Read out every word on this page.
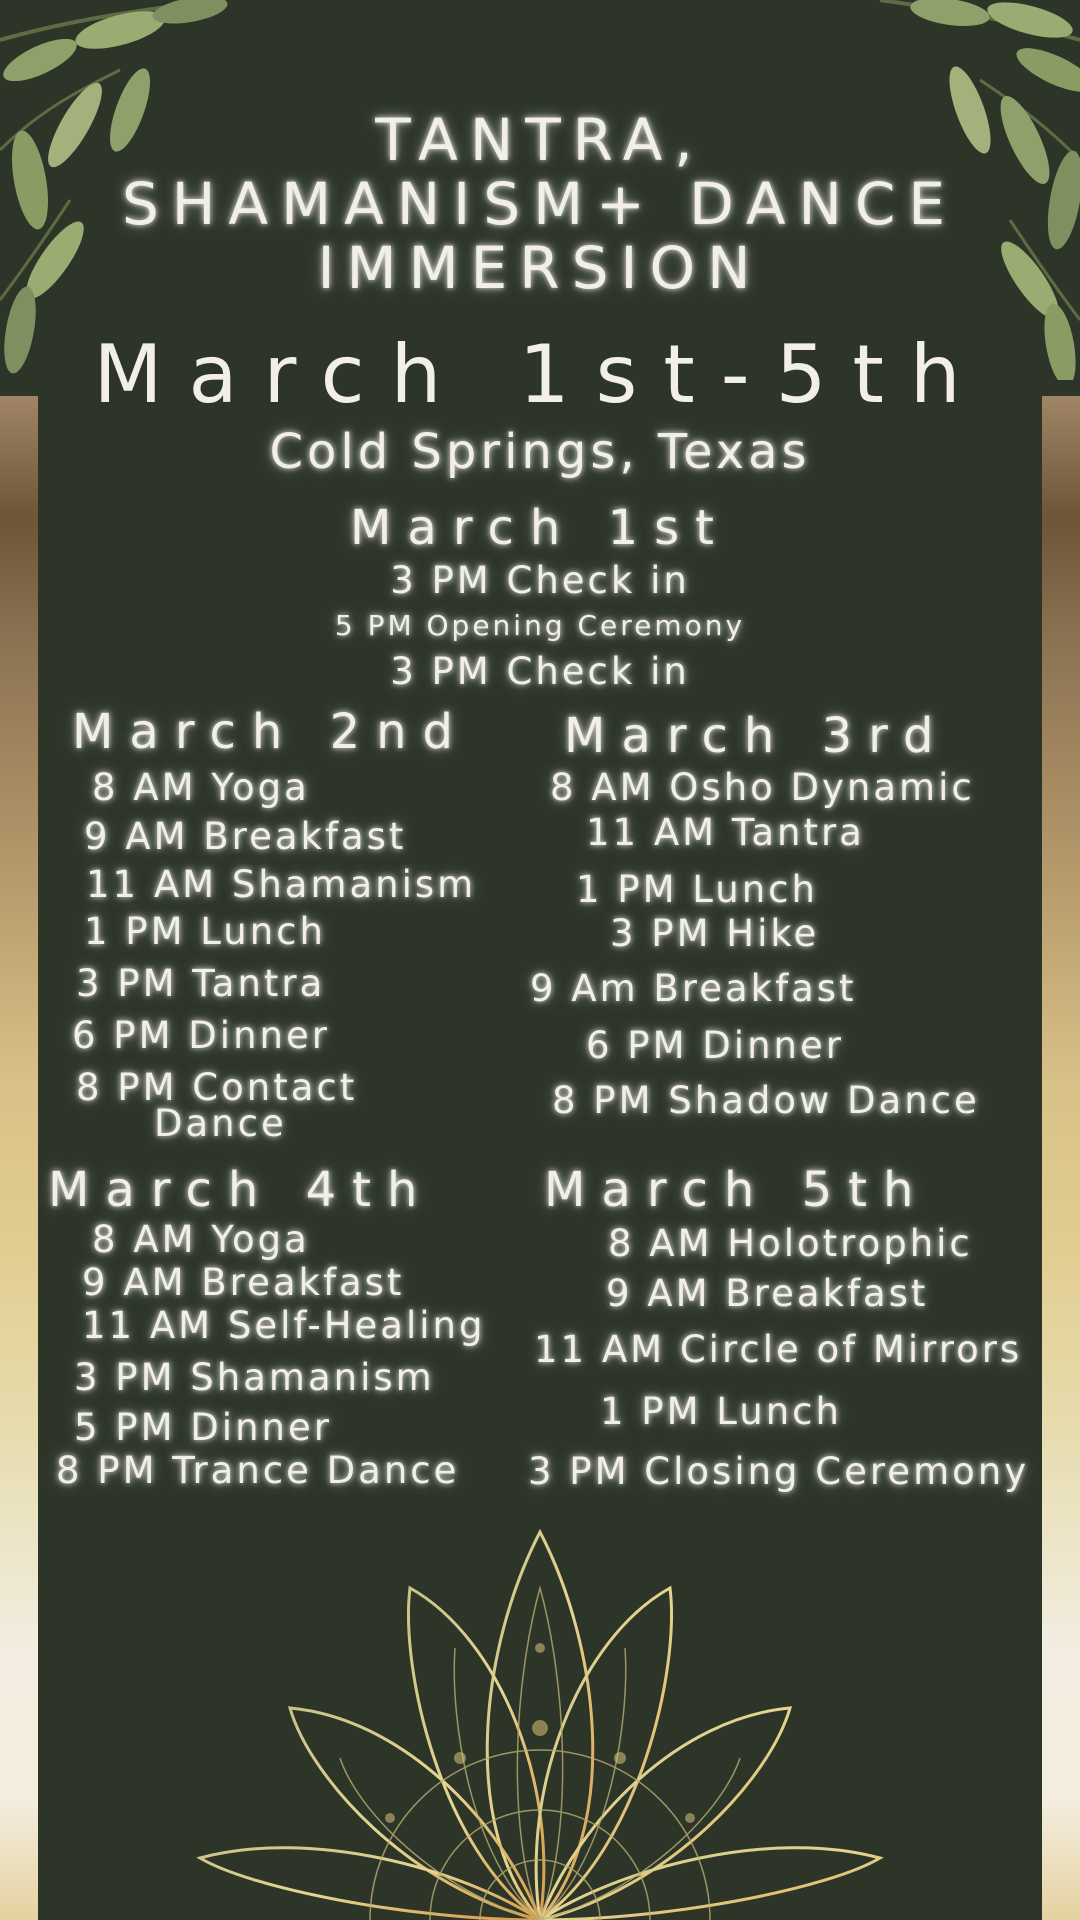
TANTRA,
SHAMANISM+ DANCE
IMMERSION
March 1st-5th
Cold Springs, Texas
March 1st
3 PM Check in
5 PM Opening Ceremony
3 PM Check in
March 2nd
8 AM Yoga
9 AM Breakfast
11 AM Shamanism
1 PM Lunch
3 PM Tantra
6 PM Dinner
8 PM Contact
Dance
March 3rd
8 AM Osho Dynamic
11 AM Tantra
1 PM Lunch
3 PM Hike
9 Am Breakfast
6 PM Dinner
8 PM Shadow Dance
March 4th
8 AM Yoga
9 AM Breakfast
11 AM Self-Healing
3 PM Shamanism
5 PM Dinner
8 PM Trance Dance
March 5th
8 AM Holotrophic
9 AM Breakfast
11 AM Circle of Mirrors
1 PM Lunch
3 PM Closing Ceremony
